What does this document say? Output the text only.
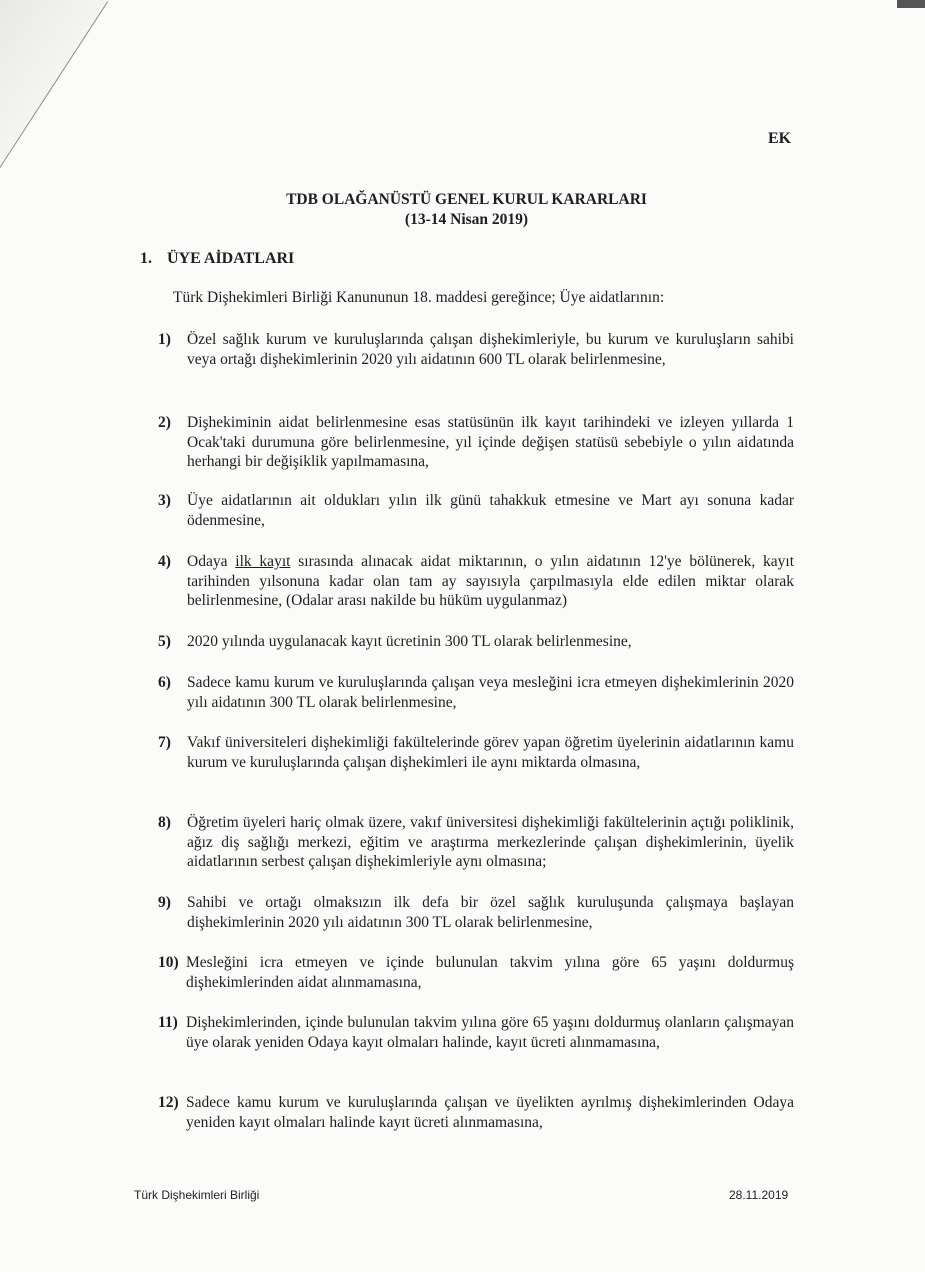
EK
TDB OLAĞANÜSTÜ GENEL KURUL KARARLARI
(13-14 Nisan 2019)
1. ÜYE AİDATLARI
Türk Dişhekimleri Birliği Kanununun 18. maddesi gereğince; Üye aidatlarının:
1) Özel sağlık kurum ve kuruluşlarında çalışan dişhekimleriyle, bu kurum ve kuruluşların sahibi veya ortağı dişhekimlerinin 2020 yılı aidatının 600 TL olarak belirlenmesine,
2) Dişhekiminin aidat belirlenmesine esas statüsünün ilk kayıt tarihindeki ve izleyen yıllarda 1 Ocak'taki durumuna göre belirlenmesine, yıl içinde değişen statüsü sebebiyle o yılın aidatında herhangi bir değişiklik yapılmamasına,
3) Üye aidatlarının ait oldukları yılın ilk günü tahakkuk etmesine ve Mart ayı sonuna kadar ödenmesine,
4) Odaya ilk kayıt sırasında alınacak aidat miktarının, o yılın aidatının 12'ye bölünerek, kayıt tarihinden yılsonuna kadar olan tam ay sayısıyla çarpılmasıyla elde edilen miktar olarak belirlenmesine, (Odalar arası nakilde bu hüküm uygulanmaz)
5) 2020 yılında uygulanacak kayıt ücretinin 300 TL olarak belirlenmesine,
6) Sadece kamu kurum ve kuruluşlarında çalışan veya mesleğini icra etmeyen dişhekimlerinin 2020 yılı aidatının 300 TL olarak belirlenmesine,
7) Vakıf üniversiteleri dişhekimliği fakültelerinde görev yapan öğretim üyelerinin aidatlarının kamu kurum ve kuruluşlarında çalışan dişhekimleri ile aynı miktarda olmasına,
8) Öğretim üyeleri hariç olmak üzere, vakıf üniversitesi dişhekimliği fakültelerinin açtığı poliklinik, ağız diş sağlığı merkezi, eğitim ve araştırma merkezlerinde çalışan dişhekimlerinin, üyelik aidatlarının serbest çalışan dişhekimleriyle aynı olmasına;
9) Sahibi ve ortağı olmaksızın ilk defa bir özel sağlık kuruluşunda çalışmaya başlayan dişhekimlerinin 2020 yılı aidatının 300 TL olarak belirlenmesine,
10) Mesleğini icra etmeyen ve içinde bulunulan takvim yılına göre 65 yaşını doldurmuş dişhekimlerinden aidat alınmamasına,
11) Dişhekimlerinden, içinde bulunulan takvim yılına göre 65 yaşını doldurmuş olanların çalışmayan üye olarak yeniden Odaya kayıt olmaları halinde, kayıt ücreti alınmamasına,
12) Sadece kamu kurum ve kuruluşlarında çalışan ve üyelikten ayrılmış dişhekimlerinden Odaya yeniden kayıt olmaları halinde kayıt ücreti alınmamasına,
Türk Dişhekimleri Birliği	28.11.2019
